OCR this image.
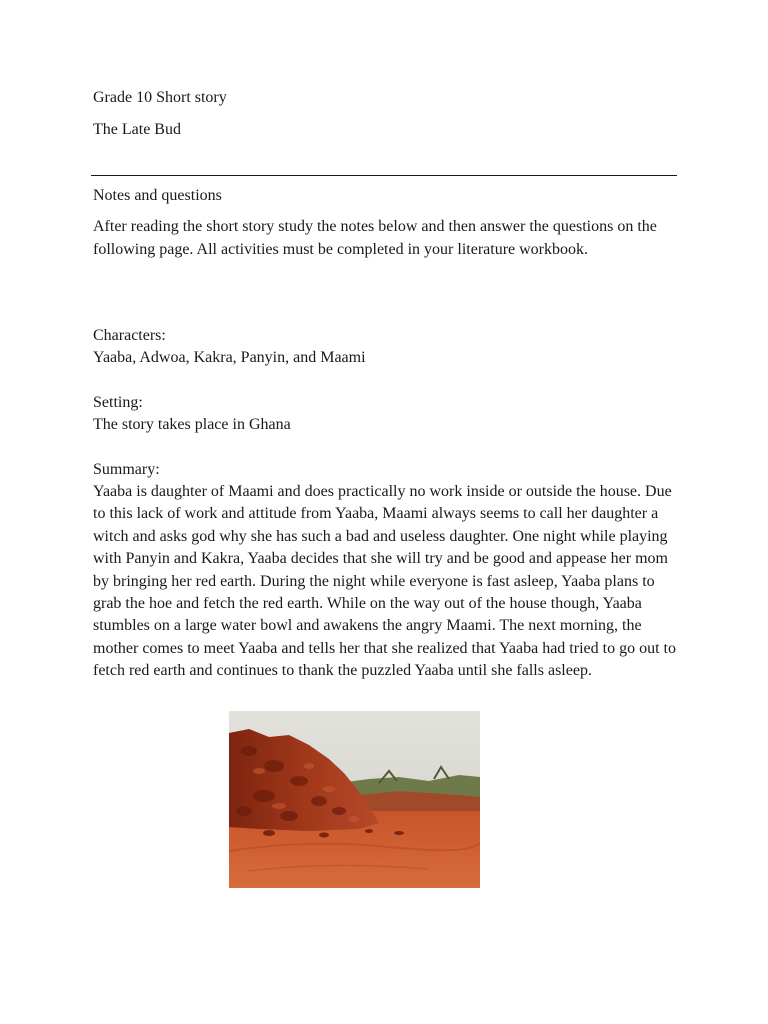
Grade 10 Short story

The Late Bud

Notes and questions

After reading the short story study the notes below and then answer the questions on the following page. All activities must be completed in your literature workbook.

Characters:

Yaaba, Adwoa, Kakra, Panyin, and Maami

Setting:

The story takes place in Ghana

Summary:

Yaaba is daughter of Maami and does practically no work inside or outside the house. Due to this lack of work and attitude from Yaaba, Maami always seems to call her daughter a witch and asks god why she has such a bad and useless daughter. One night while playing with Panyin and Kakra, Yaaba decides that she will try and be good and appease her mom by bringing her red earth. During the night while everyone is fast asleep, Yaaba plans to grab the hoe and fetch the red earth. While on the way out of the house though, Yaaba stumbles on a large water bowl and awakens the angry Maami. The next morning, the mother comes to meet Yaaba and tells her that she realized that Yaaba had tried to go out to fetch red earth and continues to thank the puzzled Yaaba until she falls asleep.
